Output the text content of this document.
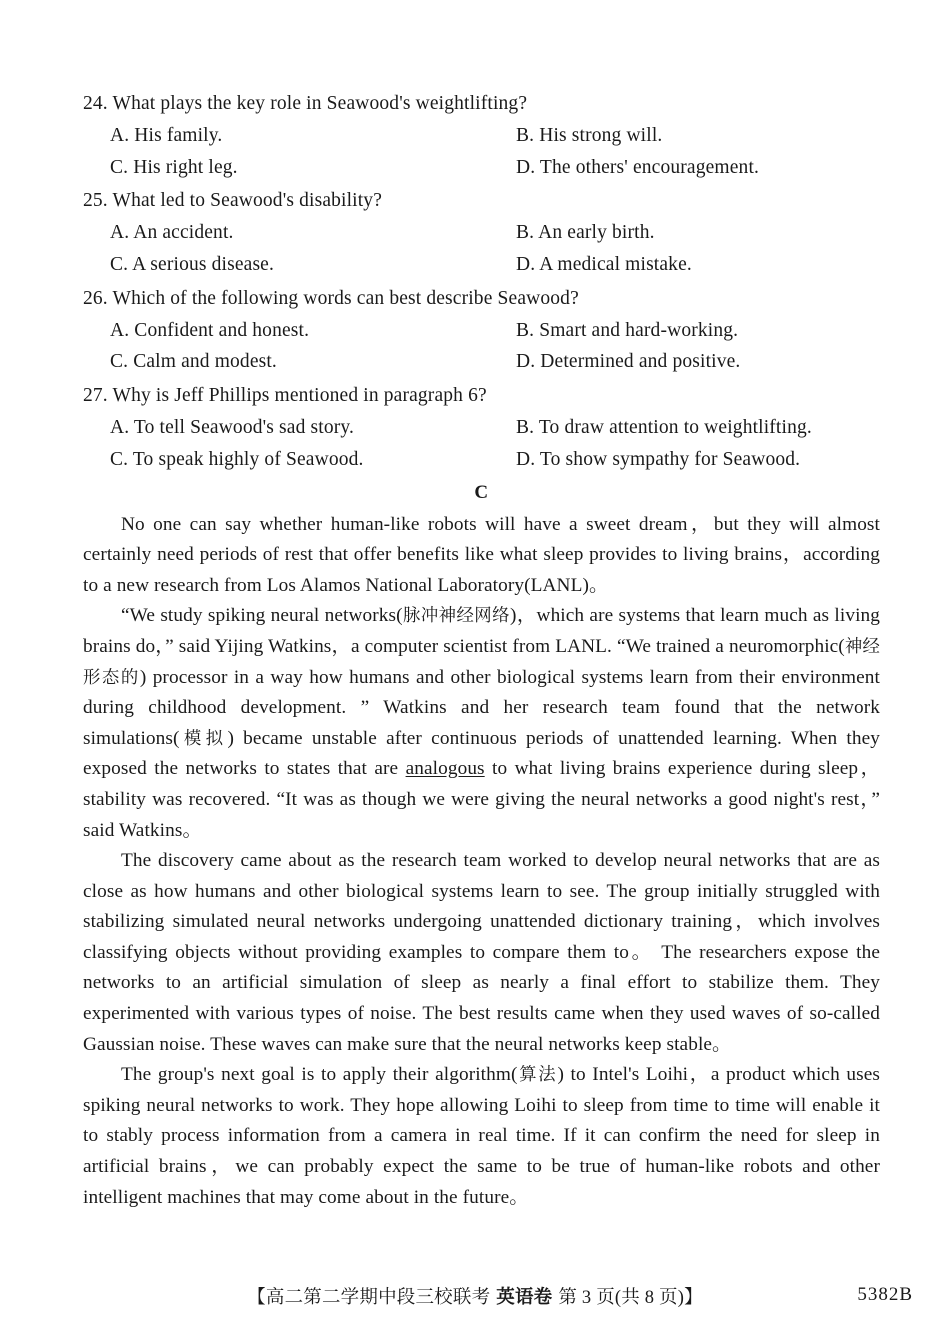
24. What plays the key role in Seawood's weightlifting?
A. His family.	B. His strong will.
C. His right leg.	D. The others' encouragement.
25. What led to Seawood's disability?
A. An accident.	B. An early birth.
C. A serious disease.	D. A medical mistake.
26. Which of the following words can best describe Seawood?
A. Confident and honest.	B. Smart and hard-working.
C. Calm and modest.	D. Determined and positive.
27. Why is Jeff Phillips mentioned in paragraph 6?
A. To tell Seawood's sad story.	B. To draw attention to weightlifting.
C. To speak highly of Seawood.	D. To show sympathy for Seawood.
C

No one can say whether human-like robots will have a sweet dream，but they will almost certainly need periods of rest that offer benefits like what sleep provides to living brains，according to a new research from Los Alamos National Laboratory(LANL)。

“We study spiking neural networks(脉冲神经网络)，which are systems that learn much as living brains do，” said Yijing Watkins，a computer scientist from LANL. “We trained a neuromorphic(神经形态的) processor in a way how humans and other biological systems learn from their environment during childhood development. ” Watkins and her research team found that the network simulations(模拟) became unstable after continuous periods of unattended learning. When they exposed the networks to states that are analogous to what living brains experience during sleep，stability was recovered. “It was as though we were giving the neural networks a good night's rest，” said Watkins。

The discovery came about as the research team worked to develop neural networks that are as close as how humans and other biological systems learn to see. The group initially struggled with stabilizing simulated neural networks undergoing unattended dictionary training，which involves classifying objects without providing examples to compare them to。 The researchers expose the networks to an artificial simulation of sleep as nearly a final effort to stabilize them. They experimented with various types of noise. The best results came when they used waves of so-called Gaussian noise. These waves can make sure that the neural networks keep stable。

The group's next goal is to apply their algorithm(算法) to Intel's Loihi，a product which uses spiking neural networks to work. They hope allowing Loihi to sleep from time to time will enable it to stably process information from a camera in real time. If it can confirm the need for sleep in artificial brains，we can probably expect the same to be true of human-like robots and other intelligent machines that may come about in the future。

【高二第二学期中段三校联考 英语卷 第 3 页(共 8 页)】	5382B
